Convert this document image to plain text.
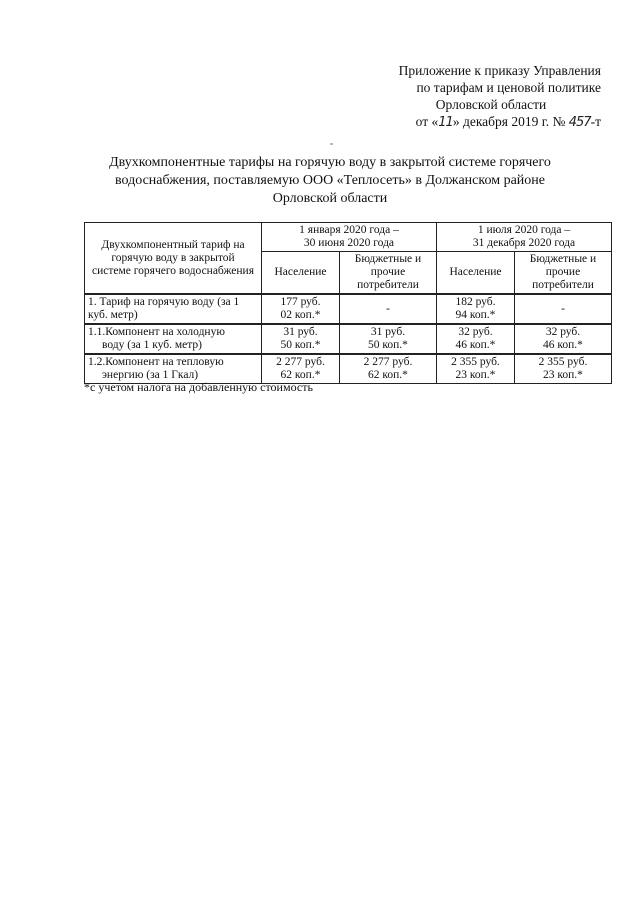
Приложение к приказу Управления
по тарифам и ценовой политике
Орловской области
от «11» декабря 2019 г. № 457-т
Двухкомпонентные тарифы на горячую воду в закрытой системе горячего
водоснабжения, поставляемую ООО «Теплосеть» в Должанском районе
Орловской области
Двухкомпонентный тариф на
горячую воду в закрытой
системе горячего водоснабжения	1 января 2020 года –
30 июня 2020 года		1 июля 2020 года –
31 декабря 2020 года	

	Население	Бюджетные и
прочие
потребители	Население	Бюджетные и
прочие
потребители

1. Тариф на горячую воду (за 1 куб. метр)	177 руб.
02 коп.*	-	182 руб.
94 коп.*	-

1.1.Компонент на холодную
воду (за 1 куб. метр)	31 руб.
50 коп.*	31 руб.
50 коп.*	32 руб.
46 коп.*	32 руб.
46 коп.*

1.2.Компонент на тепловую
энергию (за 1 Гкал)	2 277 руб.
62 коп.*	2 277 руб.
62 коп.*	2 355 руб.
23 коп.*	2 355 руб.
23 коп.*
*с учетом налога на добавленную стоимость
